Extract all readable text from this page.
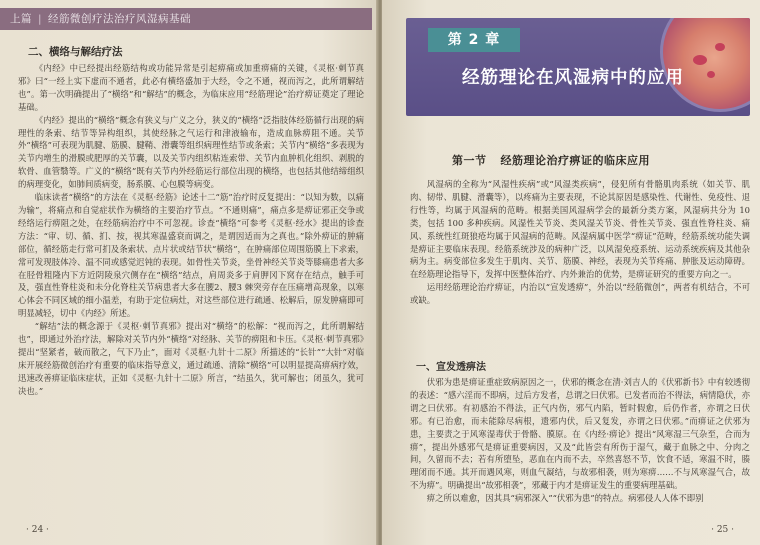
上篇 | 经筋微创疗法治疗风湿病基础
二、横络与解结疗法

《内经》中已经提出经筋结构或功能异常是引起痹痛或加重痹痛的关键，《灵枢·刺节真邪》曰“一经上实下虚而不通者，此必有横络盛加于大经，令之不通，视而泻之，此所谓解结也”。第一次明确提出了“横络”和“解结”的概念，为临床应用“经筋理论”治疗痹证奠定了理论基础。

《内经》提出的“横络”概念有狭义与广义之分，狭义的“横络”泛指肢体经筋循行出现的病理性的条索、结节等异构组织，其使经脉之气运行和津液输布，造成血脉痹阻不通。关节外“横络”可表现为肌腱、筋膜、腱鞘、滑囊等组织病理性结节或条索；关节内“横络”多表现为关节内增生的滑膜或肥厚的关节囊，以及关节内组织粘连索带、关节内血肿机化组织、剥脱的软骨、血管翳等。广义的“横络”既有关节内外经筋运行部位出现的横络，也包括其他结缔组织的病理变化，如肺间质病变，肠系膜、心包膜等病变。

临床读者“横络”的方法在《灵枢·经筋》论述十二“筋”治疗时反复提出：“以知为数，以痛为输”，将痛点和自觉症状作为横络的主要治疗节点。“不通则痛”，痛点多是痹证邪正交争或经络运行痹阻之处，在经筋病治疗中不可忽视。诊查“横络”可参考《灵枢·经水》提出的诊查方法：“审、切、循、扪、按，视其寒温盛衰而调之，是谓因适而为之真也。”除外痹证的肿痛部位，循经筋走行常可扪及条索状、点片状或结节状“横络”，在肿痛部位周围筋膜上下求索，常可发现肢体冷、温不同或感觉迟钝的表现。如骨性关节炎，坐骨神经关节炎等膝痛患者大多在胫骨粗隆内下方近阴陵泉穴侧存在“横络”结点，肩周炎多于肩胛冈下窝存在结点，触手可及，强直性脊柱炎和未分化脊柱关节病患者大多在腰2、腰3 棘突旁存在压痛增高现象，以寒心体会不同区域的细小温差，有助于定位病灶，对这些部位进行疏通、松解后，原发肿痛即可明显减轻，切中《内经》所述。

“解结”法的概念源于《灵枢·刺节真邪》提出对“横络”的松解：“视而泻之，此所谓解结也”，即通过外治疗法，解除对关节内外“横络”对经脉、关节的痹阻和卡压。《灵枢·刺节真邪》提出“坚紧者，破而散之，气下乃止”，面对《灵枢·九针十二原》所描述的“长针”“大针”对临床开展经筋微创治疗有重要的临床指导意义，通过疏通、清除“横络”可以明显提高痹病疗效，迅速改善痹证临床症状，正如《灵枢·九针十二原》所言，“结虽久，犹可解也；闭虽久，犹可决也。”

· 24 ·
第 2 章
经筋理论在风湿病中的应用
第一节 经筋理论治疗痹证的临床应用

风湿病的全称为“风湿性疾病”或“风湿类疾病”，侵犯所有骨骼肌肉系统（如关节、肌肉、韧带、肌腱、滑囊等），以疼痛为主要表现，不论其原因是感染性、代谢性、免疫性、退行性等，均属于风湿病的范畴。根据美国风湿病学会的最新分类方案，风湿病共分为 10 类，包括 100 多种疾病。风湿性关节炎、类风湿关节炎、骨性关节炎、强直性脊柱炎、痛风、系统性红斑狼疮均属于风湿病的范畴。风湿病属中医学“痹证”范畴，经筋系统功能失调是痹证主要临床表现。经筋系统涉及的病种广泛，以风湿免疫系统、运动系统疾病及其他杂病为主。病变部位多发生于肌肉、关节、筋膜、神经，表现为关节疼痛、肿胀及运动障碍。在经筋理论指导下，发挥中医整体治疗、内外兼治的优势，是痹证研究的重要方向之一。

运用经筋理论治疗痹证，内治以“宣发透痹”，外治以“经筋微创”，两者有机结合，不可或缺。

一、宣发透痹法

伏邪为患是痹证重症致病原因之一，伏邪的概念在清·刘吉人的《伏邪新书》中有较透彻的表述：“感六淫而不即病，过后方发者，总谓之曰伏邪。已发者而治不得法，病情隐伏，亦谓之曰伏邪。有初感治不得法，正气内伤，邪气内陷，暂时假愈，后仍作者，亦谓之曰伏邪。有已治愈，而未能除尽病根，遗邪内伏，后又复发，亦谓之曰伏邪。”而痹证之伏邪为患，主要责之于风寒湿毒伏于骨骼、膜原。在《内经·痹论》提出“风寒湿三气杂至，合而为痹”，提出外感邪气是痹证重要病因，又及“此皆尝有所伤于湿气，藏于血脉之中、分肉之间，久留而不去；若有所堕坠，恶血在内而不去，卒然喜怒不节，饮食不适，寒温不时，腠理闭而不通。其开而遇风寒，则血气凝结，与故邪相袭，则为寒痹……不与风寒湿气合，故不为痹”。明确提出“故邪相袭”，邪藏于内才是痹证发生的重要病理基础。

痹之所以难愈，因其具“病邪深入”“伏邪为患”的特点。病邪侵人人体不即别

· 25 ·
